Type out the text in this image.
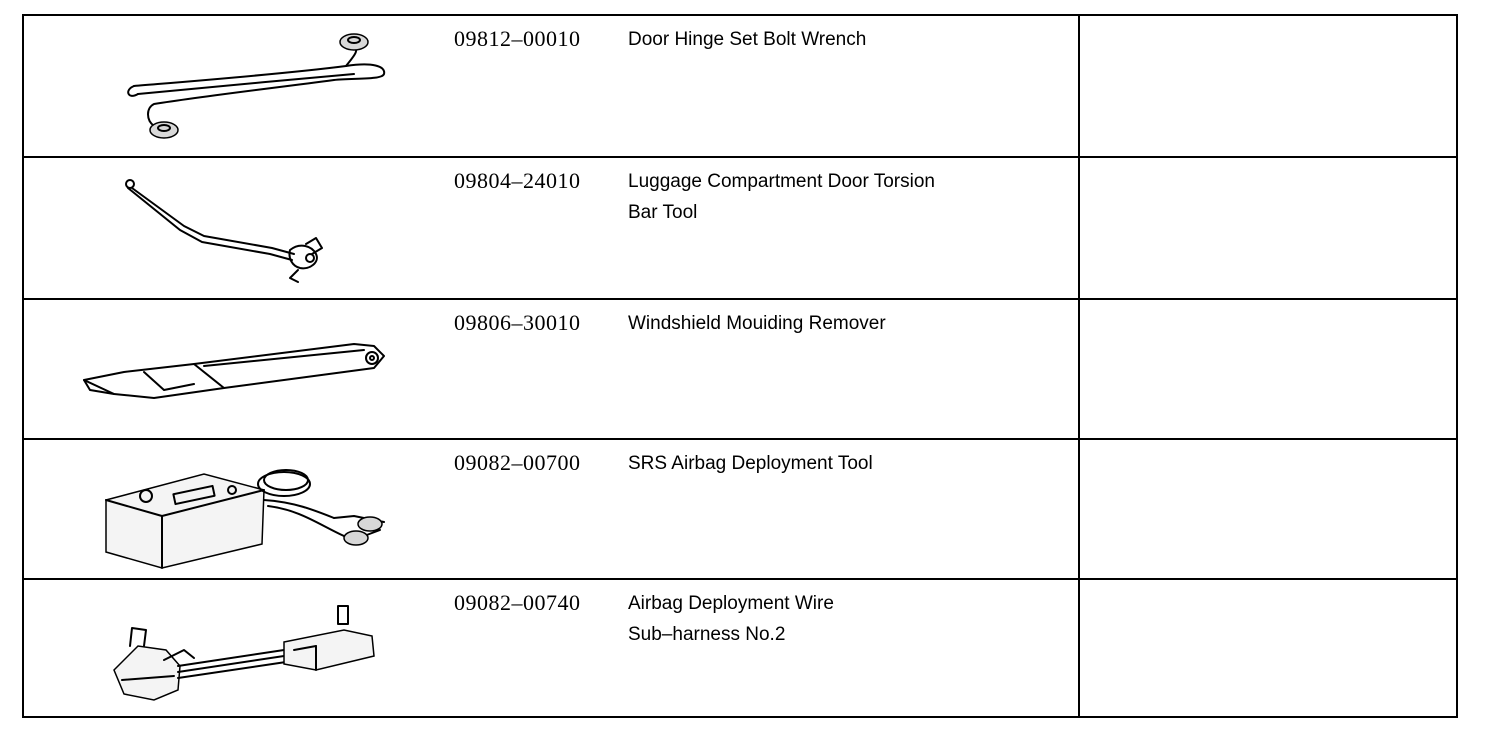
09812–00010	Door Hinge Set Bolt Wrench
09804–24010	Luggage Compartment Door Torsion
Bar Tool
09806–30010	Windshield Mouiding Remover
09082–00700	SRS Airbag Deployment Tool
09082–00740	Airbag Deployment Wire
Sub–harness No.2
